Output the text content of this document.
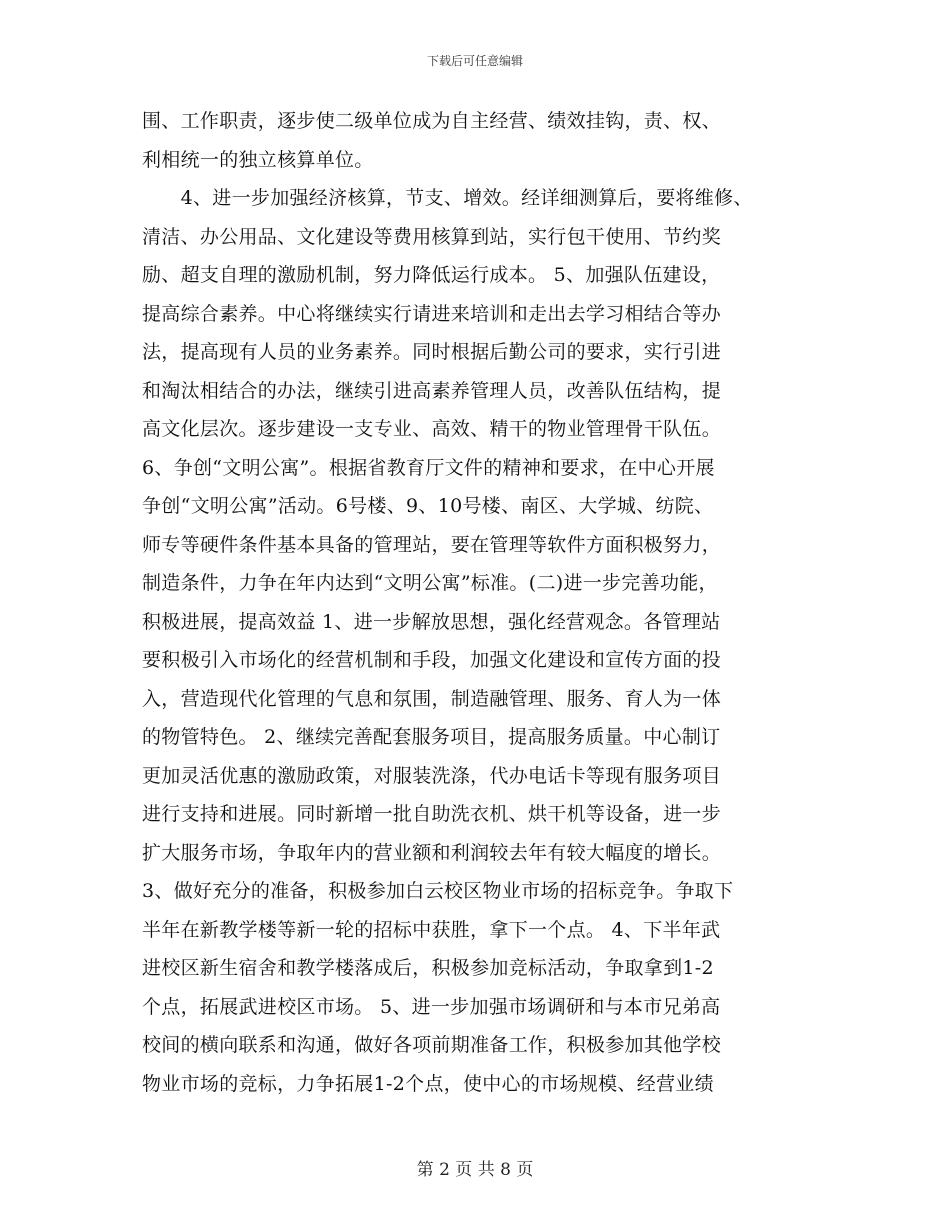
下载后可任意编辑
围、工作职责，逐步使二级单位成为自主经营、绩效挂钩，责、权、
利相统一的独立核算单位。
　　4、进一步加强经济核算，节支、增效。经详细测算后，要将维修、
清洁、办公用品、文化建设等费用核算到站，实行包干使用、节约奖
励、超支自理的激励机制，努力降低运行成本。 5、加强队伍建设，
提高综合素养。中心将继续实行请进来培训和走出去学习相结合等办
法，提高现有人员的业务素养。同时根据后勤公司的要求，实行引进
和淘汰相结合的办法，继续引进高素养管理人员，改善队伍结构，提
高文化层次。逐步建设一支专业、高效、精干的物业管理骨干队伍。
6、争创“文明公寓”。根据省教育厅文件的精神和要求，在中心开展
争创“文明公寓”活动。6号楼、9、10号楼、南区、大学城、纺院、
师专等硬件条件基本具备的管理站，要在管理等软件方面积极努力，
制造条件，力争在年内达到“文明公寓”标准。(二)进一步完善功能，
积极进展，提高效益 1、进一步解放思想，强化经营观念。各管理站
要积极引入市场化的经营机制和手段，加强文化建设和宣传方面的投
入，营造现代化管理的气息和氛围，制造融管理、服务、育人为一体
的物管特色。 2、继续完善配套服务项目，提高服务质量。中心制订
更加灵活优惠的激励政策，对服装洗涤，代办电话卡等现有服务项目
进行支持和进展。同时新增一批自助洗衣机、烘干机等设备，进一步
扩大服务市场，争取年内的营业额和利润较去年有较大幅度的增长。
3、做好充分的准备，积极参加白云校区物业市场的招标竞争。争取下
半年在新教学楼等新一轮的招标中获胜，拿下一个点。 4、下半年武
进校区新生宿舍和教学楼落成后，积极参加竞标活动，争取拿到1-2
个点，拓展武进校区市场。 5、进一步加强市场调研和与本市兄弟高
校间的横向联系和沟通，做好各项前期准备工作，积极参加其他学校
物业市场的竞标，力争拓展1-2个点，使中心的市场规模、经营业绩
第 2 页 共 8 页
